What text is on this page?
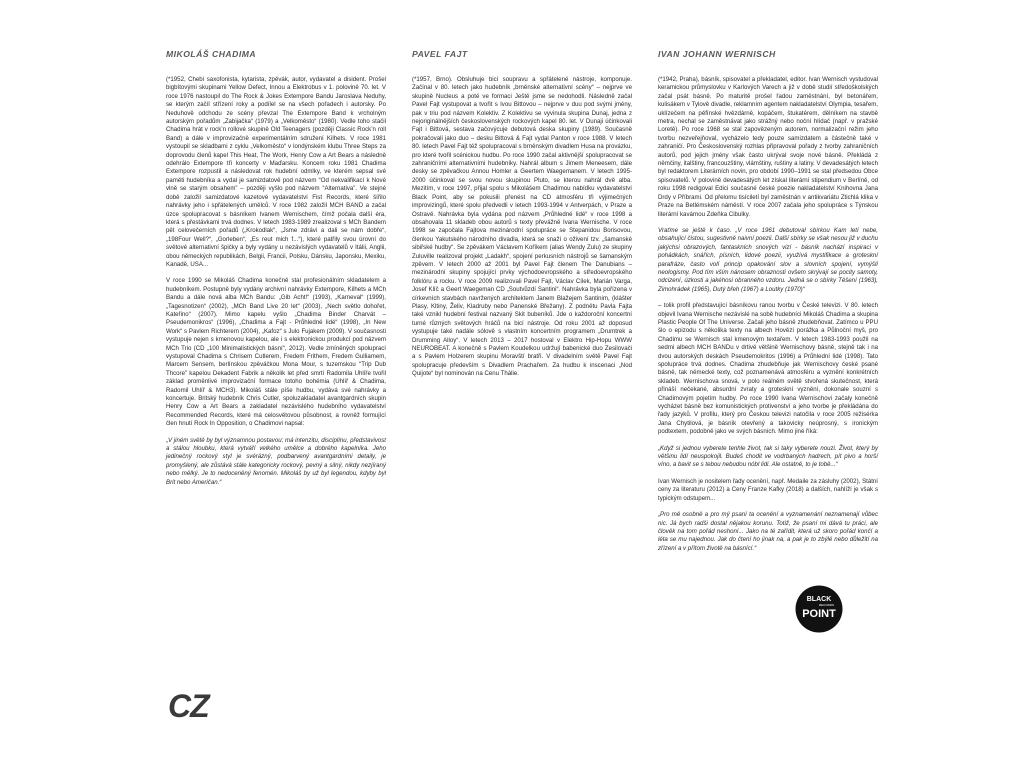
MIKOLÁŠ CHADIMA

(*1952, Chebí saxofonista, kytarista, zpěvák, autor, vydavatel a disident. Prošel bigbítovými skupinami Yellow Defect, Innou a Elektrobus v 1. polovině 70. let. V roce 1976 nastoupil do The Rock & Jokes Extempore Bandu Jaroslava Neduhy, se kterým začíl střízení roky a podílel se na všech pořadech i autorsky. Po Neduhově odchodu ze scény převzal The Extempore Band k vrcholným autorským pořadům „Zabijačka“ (1979) a „Velkoměsto“ (1980). Vedle toho stačil Chadima hrát v rock’n rollové skupině Old Teenagers (později Classic Rock’n roll Band) a dále v improvizačně experimentálním sdružení Kilhets. V roce 1981 vystoupil se skladbami z cyklu „Velkoměsto“ v londýnském klubu Three Steps za doprovodu členů kapel This Heat, The Work, Henry Cow a Art Bears a následně odehrálo Extempore tři koncerty v Maďarsku. Koncem roku 1981 Chadima Extempore rozpustil a následovat rok hudební odmlky, ve kterém sepsal své paměti hudebníka a vydal je samizdatově pod názvem “Od nekvalifikací k Nové vlně se starým obsahem” – později vyšlo pod názvem “Alternativa”. Ve stejné době založil samizdatové kazetové vydavatelství Fist Records, které šířilo nahrávky jeho i spřátelených umělců. V roce 1982 založil MCH BAND a začal úzce spolupracovat s básníkem Ivanem Wernischem, čímž počala další éra, která s přestávkami trvá dodnes. V letech 1983-1989 zrealizoval s MCh Bandem pět celovečerních pořadů („Krokodlak“, „Jsme zdrávi a dali se nám dobře“, „198Four Well?“, „Gorleben“, „Es reut mich f...“), které patřily svou úrovní do světové alternativní špičky a byly vydány u nezávislých vydavatelů v Itálii, Anglii, obou německých republikách, Belgii, Francii, Polsku, Dánsku, Japonsku, Mexiku, Kanadě, USA...

V roce 1990 se Mikoláš Chadima konečně stal profesionálním skladatelem a hudebníkem. Postupně byly vydány archivní nahrávky Extempore, Kilhets a MCh Bandu a dále nová alba MCh Bandu: „Gib Acht!“ (1993), „Karneval“ (1999), „Tagesnotizen“ (2002), „MCh Band Live 20 let“ (2003), „Nech světlo dohořet, Kateřino“ (2007). Mimo kapelu vyšlo „Chadima Binder Charvát – Pseudemonikros“ (1996), „Chadima a Fajt - Průhledné lidé“ (1998), „In New Work“ s Pavlem Richterem (2004), „Kafoz“ s Julo Fujakem (2009). V současnosti vystupuje nejen s kmenovou kapelou, ale i s elektronickou produkcí pod názvem MCh Trio (CD „100 Minimalistických básní“, 2012). Vedle zmíněných spoluprací vystupoval Chadima s Chrisem Cutlerem, Fredem Frithem, Fredem Gulliamem, Marcem Sensem, berlínskou zpěváčkou Mona Mour, s tuzemskou “Trip Dub Thcore” kapelou Dekadent Fabrik a několik let před smrtí Radomila Uhlíře tvořil základ proměnlivé improvizační formace totoho bohémia (Uhlíř & Chadima, Radomil Uhlíř & MCH3). Mikoláš stále píše hudbu, vydává své nahrávky a koncertuje. Britský hudebník Chris Cutler, spoluzakladatel avantgardních skupin Henry Cow a Art Bears a zakladatel nezávislého hudebního vydavatelství Recommended Records, které má celosvětovou působnost, a rovněž formující člen hnutí Rock In Opposition, o Chadimovi napsal:

„V jiném světě by byl významnou postavou; má intenzitu, disciplínu, představivost a stálou hloubku, která vytváří velkého umělce a dobrého kapelníka. Jeho jedinečný rockový styl je svérázný, podbarvený avantgardními detaily, je promyšlený, ale zůstává stále kategoricky rockový, pevný a silný, nikdy nezjíraný nebo mělký. Je to nedoceněný fenomén. Mikoláš by už byl legendou, kdyby byl Brit nebo Američan.“

PAVEL FAJT

(*1957, Brno). Obsluhuje bicí soupravu a spřátelené nástroje, komponuje. Začínal v 80. letech jako hudebník „brněnské alternativní scény“ – nejprve ve skupině Nucleus a poté ve formaci Ještě jsme se nedohodli. Následně začal Pavel Fajt vystupovat a tvořit s Ivou Bittovou – nejprve v duu pod svými jmény, pak v triu pod názvem Kolektiv. Z Kolektivu se vyvinula skupina Dunaj, jedna z nejoriginálnějších československých rockových kapel 80. let. V Dunaji účinkovali Fajt i Bittová, sestava začovýcuje debutová deska skupiny (1989). Současně pokračovali jako duo – desku Bittová & Fajt vydal Panton v roce 1988. V letech 80. letech Pavel Fajt též spolupracoval s brněnským divadlem Husa na provázku, pro které tvořil scénickou hudbu. Po roce 1990 začal aktivnější spolupracovat se zahraničními alternativními hudebníky. Nahrál album s Jimem Meneesem, dále desky se zpěvačkou Annou Homler a Geertem Waegemanem. V letech 1995-2000 účinkoval se svou novou skupinou Pluto, se kterou nahrál dvě alba. Mezitím, v roce 1997, přijal spolu s Mikolášem Chadimou nabídku vydavatelství Black Point, aby se pokusili přenést na CD atmosféru tři výjimečných improvizingů, které spolu předvedli v letech 1993-1994 v Antverpách, v Praze a Ostravě. Nahrávka byla vydána pod názvem „Průhledné lidé“ v roce 1998 a obsahovala 11 skladeb obou autorů s texty převážně Ivana Wernische. V roce 1998 se započala Fajtova mezinárodní spolupráce se Stepanidou Borisovou, členkou Yakutského národního divadla, která se snaží o oživení tzv. „šamanské sibiřské hudby“. Se zpěvákem Václavem Koříkem (alias Wendy Zulu) ze skupiny Zuluville realizoval projekt „Ladakh“, spojení perkusních nástrojů se šamanským zpěvem. V letech 2000 až 2001 byl Pavel Fajt členem The Danubians – mezinárodní skupiny spojující prvky východoevropského a středoevropského folklóru a rocku. V roce 2009 realizovali Pavel Fajt, Václav Cílek, Marián Varga, Josef Klíč a Geert Waegeman CD „Soutvůzdí Santini“. Nahrávka byla pořízena v církevních stavbách navržených architektem Janem Blažejem Santinim, (klášter Plasy, Kltiny, Želiv, Kladruby nebo Panenské Břežany). Z podnětu Pavla Fajta také vznikl hudební festival nazvaný Skit bubeníků. Jde o každoroční koncertní turné různých světových hráčů na bicí nástroje. Od roku 2001 až doposud vystupuje také nadále sólově s vlastním koncertním programem „Drumtrek a Drumming Alloy“. V letech 2013 – 2017 hostoval v Elektro Hip-Hopu WWW NEUROBEAT. A konečně s Pavlem Koudelkou udržují babenické duo Zesilovači a s Pavlem Holzerem skupinu Moravští bratři. V divadelním světě Pavel Fajt spolupracuje především s Divadlem Prachařem. Za hudbu k inscenaci „Nod Quijote“ byl nominován na Cenu Thálie.

IVAN JOHANN WERNISCH

(*1942, Praha), básník, spisovatel a překladatel, editor. Ivan Wernisch vystudoval keramickou průmyslovku v Karlových Varech a již v době studií středoškolských začal psát básně. Po maturitě prošel řadou zaměstnání, byl betonářem, kulisákem v Tylově divadle, reklamním agentem nakladatelství Olympia, tesařem, uklízečem na pěfínské hvězdárně, kopáčem, štukatérem, dělníkem na stavbě metra, nechal se zaměstnávat jako strážný nebo noční hlídač (např. v pražské Loretě). Po roce 1968 se stal zapovězeným autorem, normalizační režim jeho tvorbu nezveřejňoval, vycházelo tedy pouze samizdatem a částečně také v zahraničí. Pro Československý rozhlas připravoval pořady z tvorby zahraničních autorů, pod jejich jmény však často ukrýval svoje nové básně. Překládá z němčiny, italštiny, francouzštiny, vlámštiny, ruštiny a latiny. V devadesátých letech byl redaktorem Literárních novin, pro období 1990–1991 se stal předsedou Obce spisovatelů. V polovině devadesátých let získal literární stipendium v Berlíně, od roku 1998 redigoval Edici současné české poezie nakladatelství Knihovna Jana Drdy v Příbrami. Od přelomu tisíciletí byl zaměstnán v antikvariátu Ztichlá klika v Praze na Betlémském náměstí. V roce 2007 začala jeho spolupráce s Týnskou literární kavárnou Zdeňka Cibulky.

Vraťme se ještě k časo. „V roce 1961 debutoval sbírkou Kam letí nebe, obsahující čistou, sugestivně naivní poezii. Další sbírky se však nesou již v duchu jakýchsi obrazových, fantaskních snových vizí - básník nachází inspiraci v pohádkách, snářích, písních, lidové poezii, využívá mystifikace a groteskní parafráze, často volí princip opakování slov a slovních spojení, vymýšlí neologismy. Pod tím vším nánosem obraznosti ovšem skrývají se pocity samoty, odcizení, úzkosti a jakéhosi obranného vzdoru. Jedná se o sbírky Těšení (1963), Zimohrádek (1965), Dutý břeh (1967) a Loutky (1970)“

– tolik profil představující básníkovu ranou tvorbu v České televizi. V 80. letech objevil Ivana Wernische nezávislé na sobě hudebníci Mikoláš Chadima a skupina Plastic People Of The Universe. Začali jeho básně zhudebňovat. Zatímco u PPU šlo o epizodu s několika texty na albech Hovězí porážka a Půlnoční myš, pro Chadimu se Wernisch stal kmenovým textařem. V letech 1983-1993 použil na sedmi albech MCH BANDu v drtivé většině Wernischovy básně, stejně tak i na dvou autorských deskách Pseudemokritos (1996) a Průhlední lidé (1998). Tato spolupráce trvá dodnes. Chadima zhudebňuje jak Wernischovy české psané básně, tak německé texty, což poznamenává atmosféru a vyznění konkrétních skladeb. Wernischova snová, v polo reálném světě stvořená skutečnost, která přináší nečekané, absurdní zvraty a groteskní vyznění, dokonale souzní s Chadimovým pojetím hudby. Po roce 1990 Ivana Wernischovi začaly konečně vycházet básně bez komunistických protivenství a jeho tvorbe je překládána do řady jazyků. V profilu, který pro Českou televizi natočila v roce 2005 režisérka Jana Chytilová, je básník otevřený a takovicky neúprosný, s ironickým podtextem, podobně jako ve svých básních. Mimo jiné říká:

„Když si jednou vyberete tenhle život, tak si taky vyberete nouzi. Život, který by většinu lidí neuspokojil. Budeš chodit ve vodrbaných hadrech, pít pivo a horší víno, a bavit se s tebou nebudou nóbl lidi. Ale ostatně, to je tobě...“

Ivan Wernisch je nositelem řady ocenění, např. Medaile za zásluhy (2002), Státní ceny za literaturu (2012) a Ceny Franze Kafky (2018) a dalších, nahlíží je však s typickým odstupem...

„Pro mě osobně a pro mý psaní ta ocenění a vyznamenání neznamenají vůbec nic. Já bych radši dostal nějakou korunu. Totiž, že psaní mi dává tu práci, ale člověk na tom pořád neshoní... Jako na té zařídit, která už skoro pořád končí a léta se mu najednou. Jak do čtení ho jinak na, a pak je to zbýlé nebo důležití na zřízení a v přítom životě na básnící.“

CZ
BLACK
RECORDS
POINT
